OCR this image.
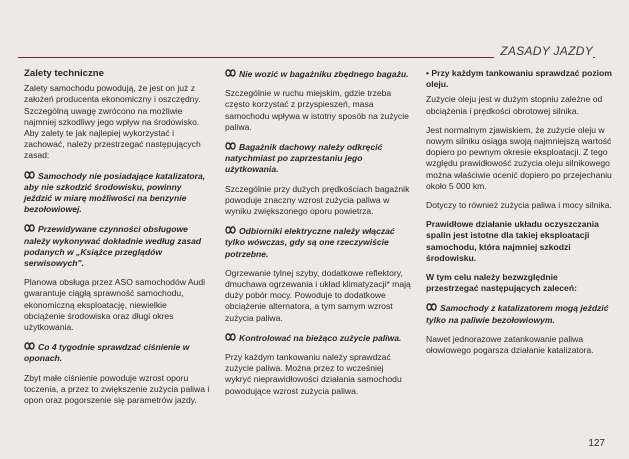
ZASADY JAZDY
Zalety techniczne
Zalety samochodu powodują, że jest on już z założeń producenta ekonomiczny i oszczędny. Szczególną uwagę zwrócono na możliwie najmniej szkodliwy jego wpływ na środowisko. Aby zalety te jak najlepiej wykorzystać i zachować, należy przestrzegać następujących zasad:
Samochody nie posiadające katalizatora, aby nie szkodzić środowisku, powinny jeździć w miarę możliwości na benzynie bezołowiowej.
Przewidywane czynności obsługowe należy wykonywać dokładnie według zasad podanych w „Książce przeglądów serwisowych".
Planowa obsługa przez ASO samochodów Audi gwarantuje ciągłą sprawność samochodu, ekonomiczną eksploatację, niewielkie obciążenie środowiska oraz długi okres użytkowania.
Co 4 tygodnie sprawdzać ciśnienie w oponach.
Zbyt małe ciśnienie powoduje wzrost oporu toczenia, a przez to zwiększenie zużycia paliwa i opon oraz pogorszenie się parametrów jazdy.
Nie wozić w bagażniku zbędnego bagażu.
Szczególnie w ruchu miejskim, gdzie trzeba często korzystać z przyspieszeń, masa samochodu wpływa w istotny sposób na zużycie paliwa.
Bagażnik dachowy należy odkręcić natychmiast po zaprzestaniu jego użytkowania.
Szczególnie przy dużych prędkościach bagażnik powoduje znaczny wzrost zużycia paliwa w wyniku zwiększonego oporu powietrza.
Odbiorniki elektryczne należy włączać tylko wówczas, gdy są one rzeczywiście potrzebne.
Ogrzewanie tylnej szyby, dodatkowe reflektory, dmuchawa ogrzewania i układ klimatyzacji* mają duży pobór mocy. Powoduje to dodatkowe obciążenie alternatora, a tym samym wzrost zużycia paliwa.
Kontrolować na bieżąco zużycie paliwa.
Przy każdym tankowaniu należy sprawdzać zużycie paliwa. Można przez to wcześniej wykryć nieprawidłowości działania samochodu powodujące wzrost zużycia paliwa.
• Przy każdym tankowaniu sprawdzać poziom oleju.
Zużycie oleju jest w dużym stopniu zależne od obciążenia i prędkości obrotowej silnika.
Jest normalnym zjawiskiem, że zużycie oleju w nowym silniku osiąga swoją najmniejszą wartość dopiero po pewnym okresie eksploatacji. Z tego względu prawidłowość zużycia oleju silnikowego można właściwie ocenić dopiero po przejechaniu około 5 000 km.
Dotyczy to również zużycia paliwa i mocy silnika.
Prawidłowe działanie układu oczyszczania spalin jest istotne dla takiej eksploatacji samochodu, która najmniej szkodzi środowisku.
W tym celu należy bezwzględnie przestrzegać następujących zaleceń:
Samochody z katalizatorem mogą jeździć tylko na paliwie bezołowiowym.
Nawet jednorazowe zatankowanie paliwa ołowiowego pogarsza działanie katalizatora.
127
